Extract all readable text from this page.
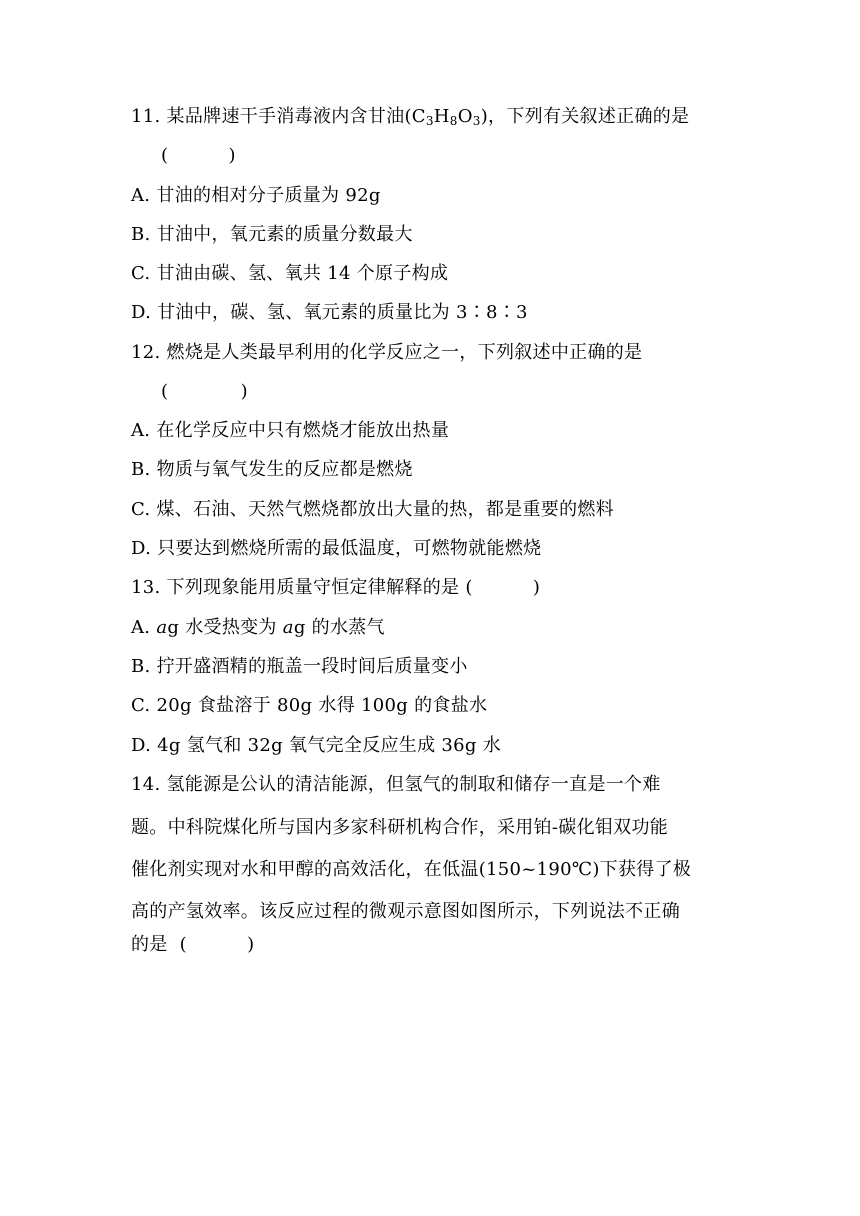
11. 某品牌速干手消毒液内含甘油$(C_3H_8O_3)$，下列有关叙述正确的是
(          )
A. 甘油的相对分子质量为 92g
B. 甘油中，氧元素的质量分数最大
C. 甘油由碳、氢、氧共 14 个原子构成
D. 甘油中，碳、氢、氧元素的质量比为 3∶8∶3
12. 燃烧是人类最早利用的化学反应之一，下列叙述中正确的是
(            )
A. 在化学反应中只有燃烧才能放出热量
B. 物质与氧气发生的反应都是燃烧
C. 煤、石油、天然气燃烧都放出大量的热，都是重要的燃料
D. 只要达到燃烧所需的最低温度，可燃物就能燃烧
13. 下列现象能用质量守恒定律解释的是 (          )
A. ag 水受热变为 ag 的水蒸气
B. 拧开盛酒精的瓶盖一段时间后质量变小
C. 20g 食盐溶于 80g 水得 100g 的食盐水
D. 4g 氢气和 32g 氧气完全反应生成 36g 水
14. 氢能源是公认的清洁能源，但氢气的制取和储存一直是一个难
题。中科院煤化所与国内多家科研机构合作，采用铂-碳化钼双功能
催化剂实现对水和甲醇的高效活化，在低温(150~190℃)下获得了极
高的产氢效率。该反应过程的微观示意图如图所示，下列说法不正确
的是  (          )
